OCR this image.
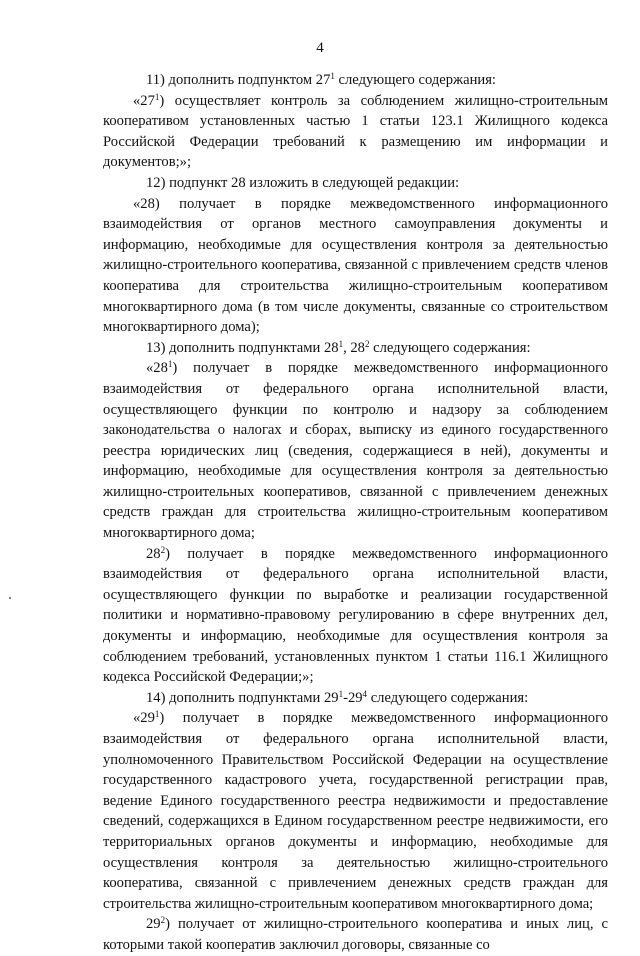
4

11) дополнить подпунктом $27^1$ следующего содержания:

«$27^1$) осуществляет контроль за соблюдением жилищно-строительным кооперативом установленных частью 1 статьи 123.1 Жилищного кодекса Российской Федерации требований к размещению им информации и документов;»;

12) подпункт 28 изложить в следующей редакции:

«28) получает в порядке межведомственного информационного взаимодействия от органов местного самоуправления документы и информацию, необходимые для осуществления контроля за деятельностью жилищно-строительного кооператива, связанной с привлечением средств членов кооператива для строительства жилищно-строительным кооперативом многоквартирного дома (в том числе документы, связанные со строительством многоквартирного дома);

13) дополнить подпунктами $28^1$, $28^2$ следующего содержания:

«$28^1$) получает в порядке межведомственного информационного взаимодействия от федерального органа исполнительной власти, осуществляющего функции по контролю и надзору за соблюдением законодательства о налогах и сборах, выписку из единого государственного реестра юридических лиц (сведения, содержащиеся в ней), документы и информацию, необходимые для осуществления контроля за деятельностью жилищно-строительных кооперативов, связанной с привлечением денежных средств граждан для строительства жилищно-строительным кооперативом многоквартирного дома;

$28^2$) получает в порядке межведомственного информационного взаимодействия от федерального органа исполнительной власти, осуществляющего функции по выработке и реализации государственной политики и нормативно-правовому регулированию в сфере внутренних дел, документы и информацию, необходимые для осуществления контроля за соблюдением требований, установленных пунктом 1 статьи 116.1 Жилищного кодекса Российской Федерации;»;

14) дополнить подпунктами $29^1-29^4$ следующего содержания:

«$29^1$) получает в порядке межведомственного информационного взаимодействия от федерального органа исполнительной власти, уполномоченного Правительством Российской Федерации на осуществление государственного кадастрового учета, государственной регистрации прав, ведение Единого государственного реестра недвижимости и предоставление сведений, содержащихся в Едином государственном реестре недвижимости, его территориальных органов документы и информацию, необходимые для осуществления контроля за деятельностью жилищно-строительного кооператива, связанной с привлечением денежных средств граждан для строительства жилищно-строительным кооперативом многоквартирного дома;

$29^2$) получает от жилищно-строительного кооператива и иных лиц, с которыми такой кооператив заключил договоры, связанные со
